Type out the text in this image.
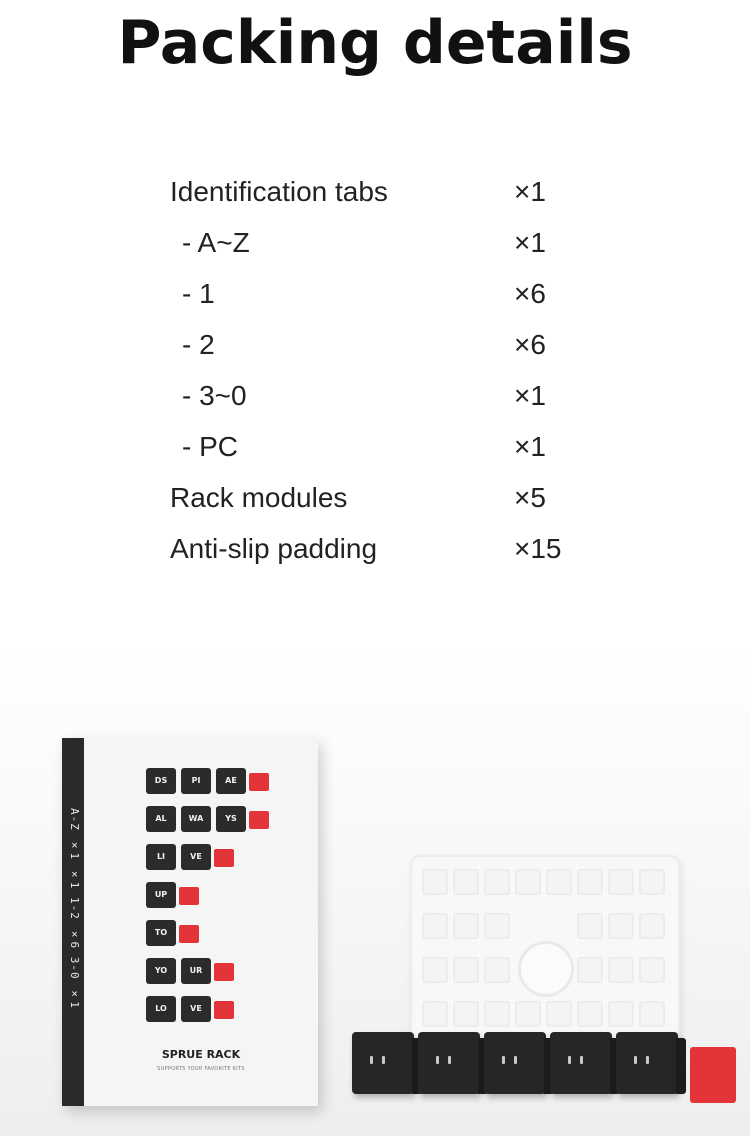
Packing details
Identification tabs	×1
- A~Z	×1
- 1	×6
- 2	×6
- 3~0	×1
- PC	×1
Rack modules	×5
Anti-slip padding	×15
A-Z ×1 ×1 1-2 ×6 3-0 ×1
DS	PI	AE
AL	WA	YS
LI	VE
UP
TO
YO	UR
LO	VE
SPRUE RACK
SUPPORTS YOUR FAVORITE KITS
